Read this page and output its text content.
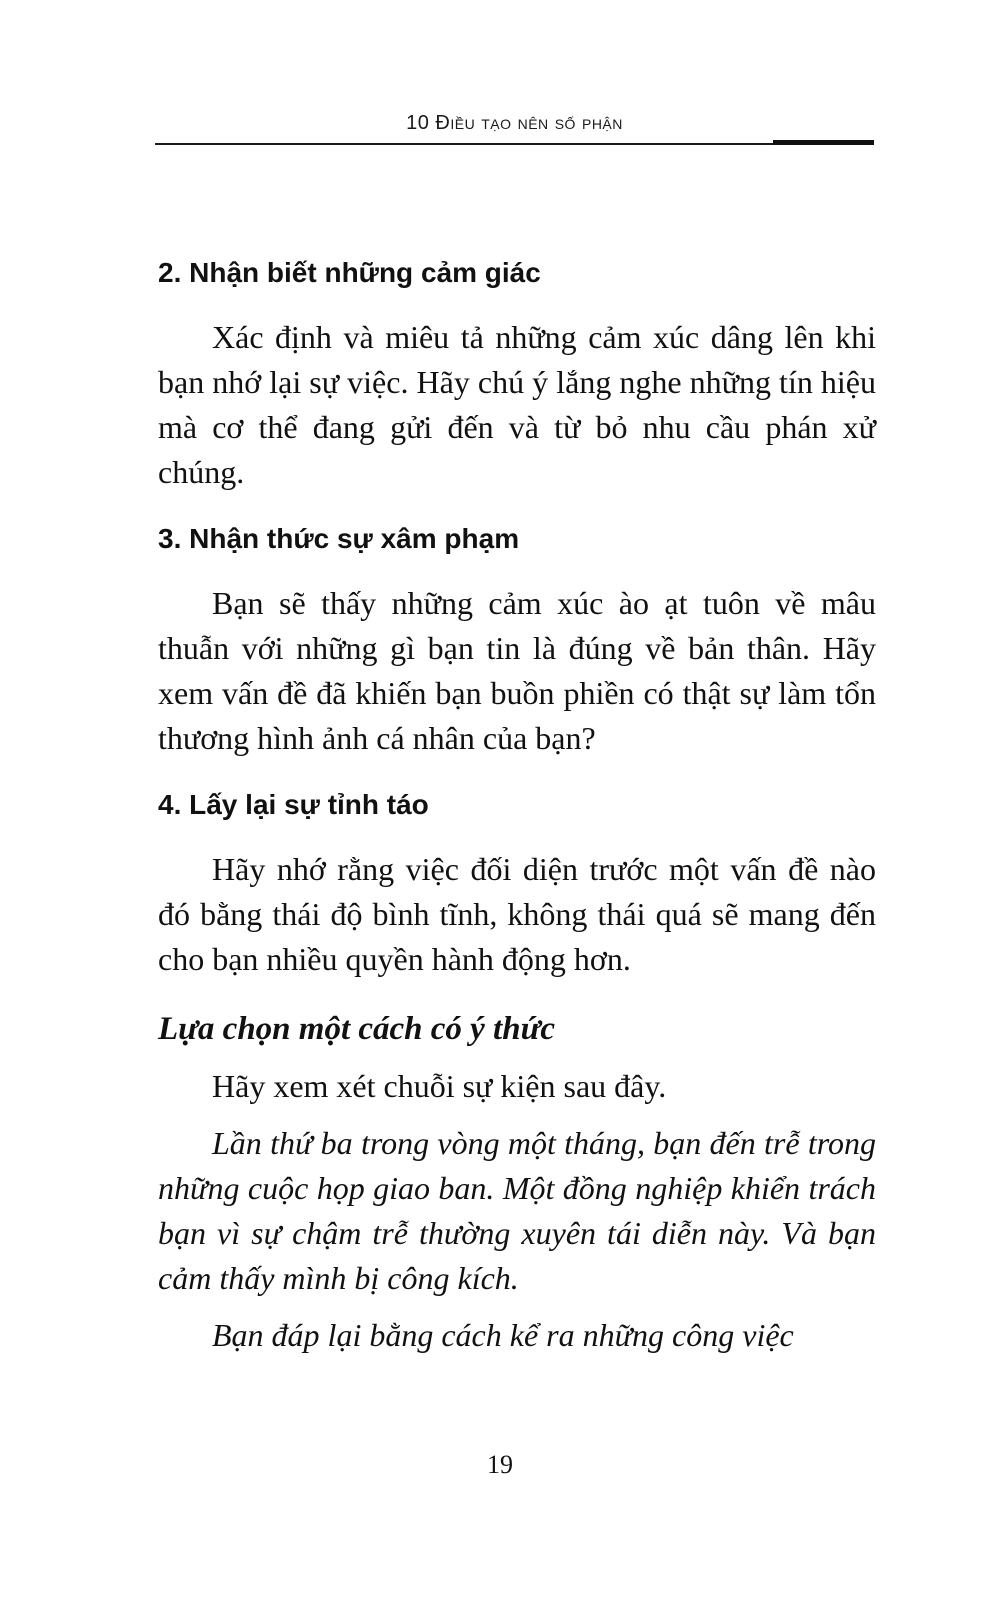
10 Điều tạo nên số phận
2. Nhận biết những cảm giác

Xác định và miêu tả những cảm xúc dâng lên khi bạn nhớ lại sự việc. Hãy chú ý lắng nghe những tín hiệu mà cơ thể đang gửi đến và từ bỏ nhu cầu phán xử chúng.

3. Nhận thức sự xâm phạm

Bạn sẽ thấy những cảm xúc ào ạt tuôn về mâu thuẫn với những gì bạn tin là đúng về bản thân. Hãy xem vấn đề đã khiến bạn buồn phiền có thật sự làm tổn thương hình ảnh cá nhân của bạn?

4. Lấy lại sự tỉnh táo

Hãy nhớ rằng việc đối diện trước một vấn đề nào đó bằng thái độ bình tĩnh, không thái quá sẽ mang đến cho bạn nhiều quyền hành động hơn.

Lựa chọn một cách có ý thức

Hãy xem xét chuỗi sự kiện sau đây.

Lần thứ ba trong vòng một tháng, bạn đến trễ trong những cuộc họp giao ban. Một đồng nghiệp khiển trách bạn vì sự chậm trễ thường xuyên tái diễn này. Và bạn cảm thấy mình bị công kích.

Bạn đáp lại bằng cách kể ra những công việc

19
